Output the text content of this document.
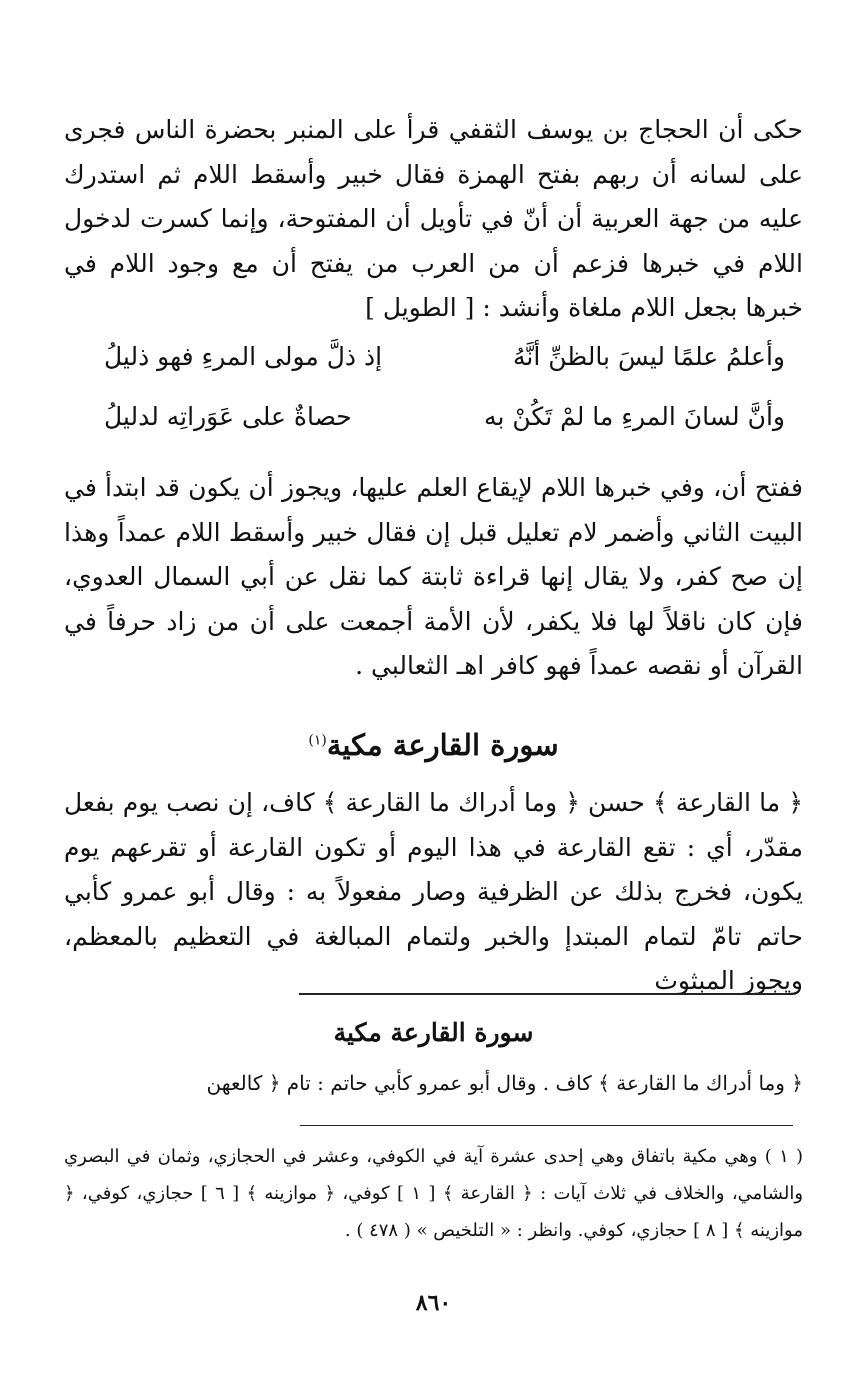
حكى أن الحجاج بن يوسف الثقفي قرأ على المنبر بحضرة الناس فجرى على لسانه أن ربهم بفتح الهمزة فقال خبير وأسقط اللام ثم استدرك عليه من جهة العربية أن أنّ في تأويل أن المفتوحة، وإنما كسرت لدخول اللام في خبرها فزعم أن من العرب من يفتح أن مع وجود اللام في خبرها بجعل اللام ملغاة وأنشد : [ الطويل ]

وأعلمُ علمًا ليسَ بالظنِّ أنَّهُ
إذ ذلَّ مولى المرءِ فهو ذليلُ
وأنَّ لسانَ المرءِ ما لمْ تَكُنْ به
حصاةٌ على عَوَراتِه لدليلُ

ففتح أن، وفي خبرها اللام لإيقاع العلم عليها، ويجوز أن يكون قد ابتدأ في البيت الثاني وأضمر لام تعليل قبل إن فقال خبير وأسقط اللام عمداً وهذا إن صح كفر، ولا يقال إنها قراءة ثابتة كما نقل عن أبي السمال العدوي، فإن كان ناقلاً لها فلا يكفر، لأن الأمة أجمعت على أن من زاد حرفاً في القرآن أو نقصه عمداً فهو كافر اهـ الثعالبي .

سورة القارعة مكية$^{(١)}$

﴿ ما القارعة ﴾ حسن ﴿ وما أدراك ما القارعة ﴾ كاف، إن نصب يوم بفعل مقدّر، أي : تقع القارعة في هذا اليوم أو تكون القارعة أو تقرعهم يوم يكون، فخرج بذلك عن الظرفية وصار مفعولاً به : وقال أبو عمرو كأبي حاتم تامّ لتمام المبتدإ والخبر ولتمام المبالغة في التعظيم بالمعظم، ويجوز المبثوث

سورة القارعة مكية

﴿ وما أدراك ما القارعة ﴾ كاف . وقال أبو عمرو كأبي حاتم : تام ﴿ كالعهن

( ١ ) وهي مكية باتفاق وهي إحدى عشرة آية في الكوفي، وعشر في الحجازي، وثمان في البصري والشامي، والخلاف في ثلاث آيات : ﴿ القارعة ﴾ [ ١ ] كوفي، ﴿ موازينه ﴾ [ ٦ ] حجازي، كوفي، ﴿ موازينه ﴾ [ ٨ ] حجازي، كوفي. وانظر : « التلخيص » ( ٤٧٨ ) .

٨٦٠
